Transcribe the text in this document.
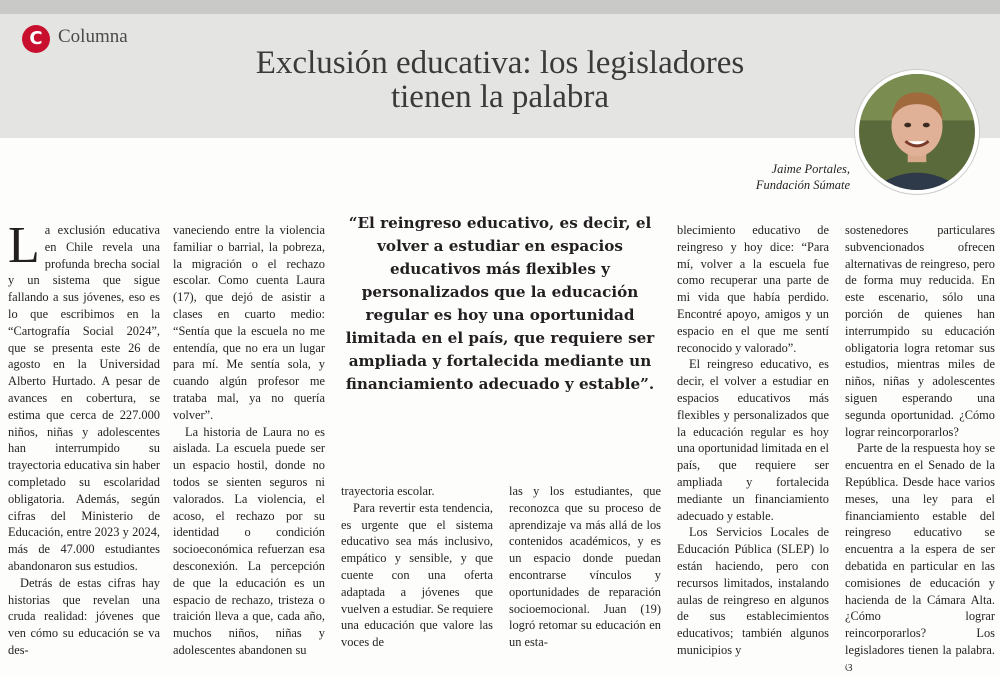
C Columna
Exclusión educativa: los legisladores tienen la palabra
Jaime Portales,
Fundación Súmate

La exclusión educativa en Chile revela una profunda brecha social y un sistema que sigue fallando a sus jóvenes, eso es lo que escribimos en la “Cartografía Social 2024”, que se presenta este 26 de agosto en la Universidad Alberto Hurtado. A pesar de avances en cobertura, se estima que cerca de 227.000 niños, niñas y adolescentes han interrumpido su trayectoria educativa sin haber completado su escolaridad obligatoria. Además, según cifras del Ministerio de Educación, entre 2023 y 2024, más de 47.000 estudiantes abandonaron sus estudios.

Detrás de estas cifras hay historias que revelan una cruda realidad: jóvenes que ven cómo su educación se va des-

vaneciendo entre la violencia familiar o barrial, la pobreza, la migración o el rechazo escolar. Como cuenta Laura (17), que dejó de asistir a clases en cuarto medio: “Sentía que la escuela no me entendía, que no era un lugar para mí. Me sentía sola, y cuando algún profesor me trataba mal, ya no quería volver”.

La historia de Laura no es aislada. La escuela puede ser un espacio hostil, donde no todos se sienten seguros ni valorados. La violencia, el acoso, el rechazo por su identidad o condición socioeconómica refuerzan esa desconexión. La percepción de que la educación es un espacio de rechazo, tristeza o traición lleva a que, cada año, muchos niños, niñas y adolescentes abandonen su

“El reingreso educativo, es decir, el volver a estudiar en espacios educativos más flexibles y personalizados que la educación regular es hoy una oportunidad limitada en el país, que requiere ser ampliada y fortalecida mediante un financiamiento adecuado y estable”.

trayectoria escolar.

Para revertir esta tendencia, es urgente que el sistema educativo sea más inclusivo, empático y sensible, y que cuente con una oferta adaptada a jóvenes que vuelven a estudiar. Se requiere una educación que valore las voces de

las y los estudiantes, que reconozca que su proceso de aprendizaje va más allá de los contenidos académicos, y es un espacio donde puedan encontrarse vínculos y oportunidades de reparación socioemocional. Juan (19) logró retomar su educación en un esta-

blecimiento educativo de reingreso y hoy dice: “Para mí, volver a la escuela fue como recuperar una parte de mi vida que había perdido. Encontré apoyo, amigos y un espacio en el que me sentí reconocido y valorado”.

El reingreso educativo, es decir, el volver a estudiar en espacios educativos más flexibles y personalizados que la educación regular es hoy una oportunidad limitada en el país, que requiere ser ampliada y fortalecida mediante un financiamiento adecuado y estable.

Los Servicios Locales de Educación Pública (SLEP) lo están haciendo, pero con recursos limitados, instalando aulas de reingreso en algunos de sus establecimientos educativos; también algunos municipios y

sostenedores particulares subvencionados ofrecen alternativas de reingreso, pero de forma muy reducida. En este escenario, sólo una porción de quienes han interrumpido su educación obligatoria logra retomar sus estudios, mientras miles de niños, niñas y adolescentes siguen esperando una segunda oportunidad. ¿Cómo lograr reincorporarlos?

Parte de la respuesta hoy se encuentra en el Senado de la República. Desde hace varios meses, una ley para el financiamiento estable del reingreso educativo se encuentra a la espera de ser debatida en particular en las comisiones de educación y hacienda de la Cámara Alta. ¿Cómo lograr reincorporarlos? Los legisladores tienen la palabra. ଓ
